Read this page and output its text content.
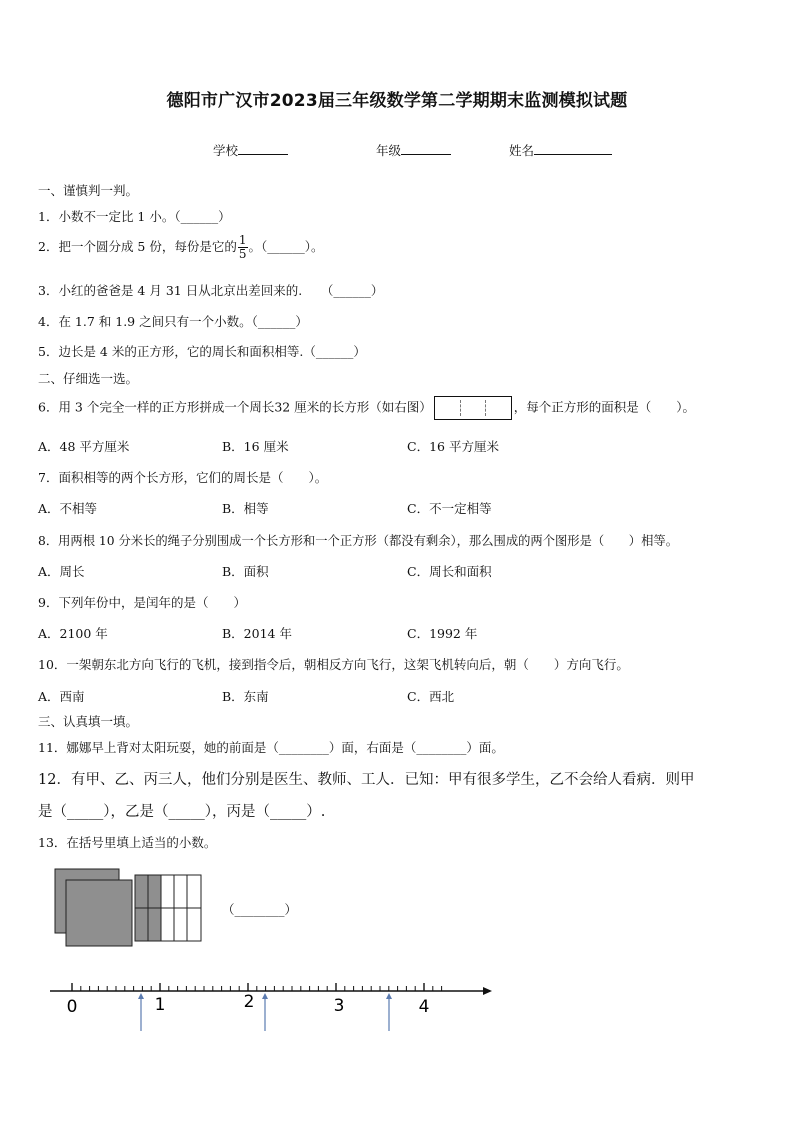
德阳市广汉市2023届三年级数学第二学期期末监测模拟试题
学校	年级	姓名
一、谨慎判一判。
1．小数不一定比 1 小。（______）
2．把一个圆分成 5 份，每份是它的 $\frac{1}{5}$ 。（______）。
3．小红的爸爸是 4 月 31 日从北京出差回来的.　　（______）
4．在 1.7 和 1.9 之间只有一个小数。（______）
5．边长是 4 米的正方形，它的周长和面积相等.（______）
二、仔细选一选。
6．用 3 个完全一样的正方形拼成一个周长32 厘米的长方形（如右图）	，每个正方形的面积是（　　）。
A．48 平方厘米	B．16 厘米	C．16 平方厘米
7．面积相等的两个长方形，它们的周长是（　　）。
A．不相等	B．相等	C．不一定相等
8．用两根 10 分米长的绳子分别围成一个长方形和一个正方形（都没有剩余），那么围成的两个图形是（　　）相等。
A．周长	B．面积	C．周长和面积
9．下列年份中，是闰年的是（　　）
A．2100 年	B．2014 年	C．1992 年
10．一架朝东北方向飞行的飞机，接到指令后，朝相反方向飞行，这架飞机转向后，朝（　　）方向飞行。
A．西南	B．东南	C．西北
三、认真填一填。
11．娜娜早上背对太阳玩耍，她的前面是（________）面，右面是（________）面。
12．有甲、乙、丙三人，他们分别是医生、教师、工人．已知：甲有很多学生，乙不会给人看病．则甲
是（_____），乙是（_____），丙是（_____）.
13．在括号里填上适当的小数。
（________）
0	1	2	3	4
